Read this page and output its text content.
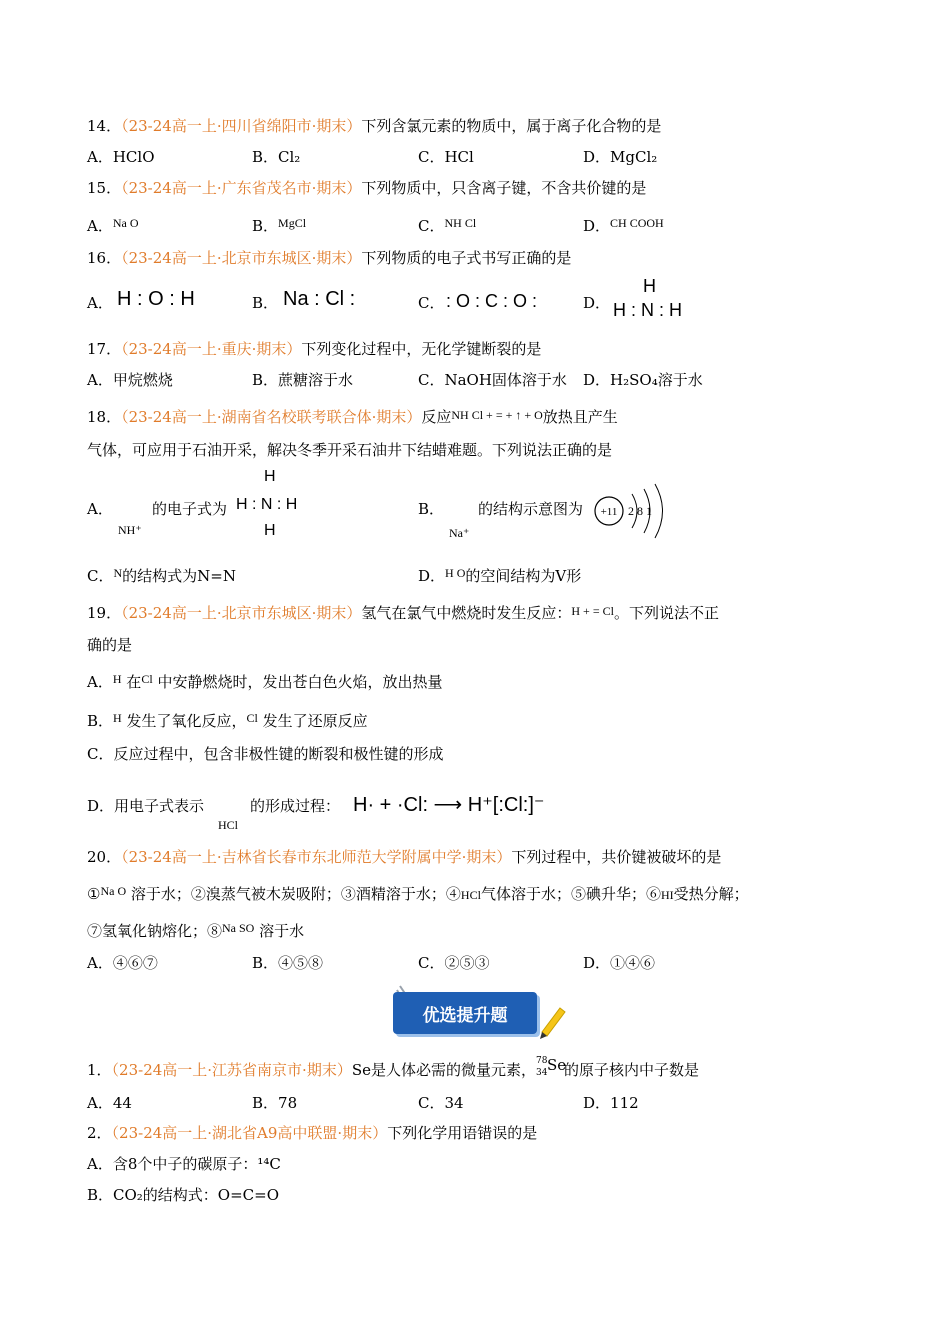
14．（23-24高一上·四川省绵阳市·期末）下列含氯元素的物质中，属于离子化合物的是
A．HClO	B．Cl₂	C．HCl	D．MgCl₂
15．（23-24高一上·广东省茂名市·期末）下列物质中，只含离子键，不含共价键的是
A．$^{Na O}$	B．$^{MgCl}$	C．$^{NH Cl}$	D．$^{CH COOH}$
16．（23-24高一上·北京市东城区·期末）下列物质的电子式书写正确的是
A． H : O : H	B． Na : Cl :	C． : O : C : O :	D．
H
H : N : H
17．（23-24高一上·重庆·期末）下列变化过程中，无化学键断裂的是
A．甲烷燃烧	B．蔗糖溶于水	C．NaOH固体溶于水 D．H₂SO₄溶于水
18．（23-24高一上·湖南省名校联考联合体·期末）反应$^{NH Cl + = + ↑ + O}$放热且产生
气体，可应用于石油开采，解决冬季开采石油井下结蜡难题。下列说法正确的是
A．
NH⁺
的电子式为
H
H : N : H
H
B．
Na⁺
的结构示意图为 +11 2 8 1
C．$^N$的结构式为N=N	D．$^{H O}$的空间结构为V形
19．（23-24高一上·北京市东城区·期末）氢气在氯气中燃烧时发生反应：$^{H + = Cl}$。下列说法不正
确的是
A．$^H$ 在$^{Cl}$ 中安静燃烧时，发出苍白色火焰，放出热量
B．$^H$ 发生了氧化反应，$^{Cl}$ 发生了还原反应
C．反应过程中，包含非极性键的断裂和极性键的形成
D．用电子式表示
HCl
的形成过程： H· + ·Cl: ⟶ H⁺[:Cl:]⁻
20．（23-24高一上·吉林省长春市东北师范大学附属中学·期末）下列过程中，共价键被破坏的是
①$^{Na O}$ 溶于水；②溴蒸气被木炭吸附；③酒精溶于水；④HCl气体溶于水；⑤碘升华；⑥HI受热分解；
⑦氢氧化钠熔化；⑧$^{Na SO}$ 溶于水
A．④⑥⑦	B．④⑤⑧	C．②⑤③	D．①④⑥
优选提升题
1．（23-24高一上·江苏省南京市·期末）Se是人体必需的微量元素， 78
34 Se
的原子核内中子数是
A．44	B．78	C．34	D．112
2．（23-24高一上·湖北省A9高中联盟·期末）下列化学用语错误的是
A．含8个中子的碳原子：¹⁴C
B．CO₂的结构式：O=C=O
